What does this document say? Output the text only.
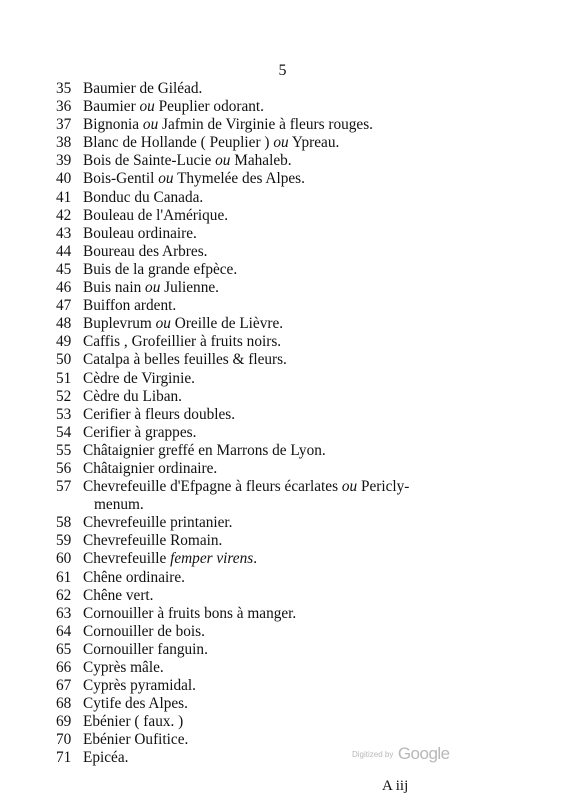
5
35 Baumier de Giléad.
36 Baumier ou Peuplier odorant.
37 Bignonia ou Jafmin de Virginie à fleurs rouges.
38 Blanc de Hollande ( Peuplier ) ou Ypreau.
39 Bois de Sainte-Lucie ou Mahaleb.
40 Bois-Gentil ou Thymelée des Alpes.
41 Bonduc du Canada.
42 Bouleau de l'Amérique.
43 Bouleau ordinaire.
44 Boureau des Arbres.
45 Buis de la grande efpèce.
46 Buis nain ou Julienne.
47 Buiffon ardent.
48 Buplevrum ou Oreille de Lièvre.
49 Caffis , Grofeillier à fruits noirs.
50 Catalpa à belles feuilles & fleurs.
51 Cèdre de Virginie.
52 Cèdre du Liban.
53 Cerifier à fleurs doubles.
54 Cerifier à grappes.
55 Châtaignier greffé en Marrons de Lyon.
56 Châtaignier ordinaire.
57 Chevrefeuille d'Efpagne à fleurs écarlates ou Pericly-
menum.
58 Chevrefeuille printanier.
59 Chevrefeuille Romain.
60 Chevrefeuille femper virens.
61 Chêne ordinaire.
62 Chêne vert.
63 Cornouiller à fruits bons à manger.
64 Cornouiller de bois.
65 Cornouiller fanguin.
66 Cyprès mâle.
67 Cyprès pyramidal.
68 Cytife des Alpes.
69 Ebénier ( faux. )
70 Ebénier Oufitice.
71 Epicéa.	Digitized by Google
A iij
